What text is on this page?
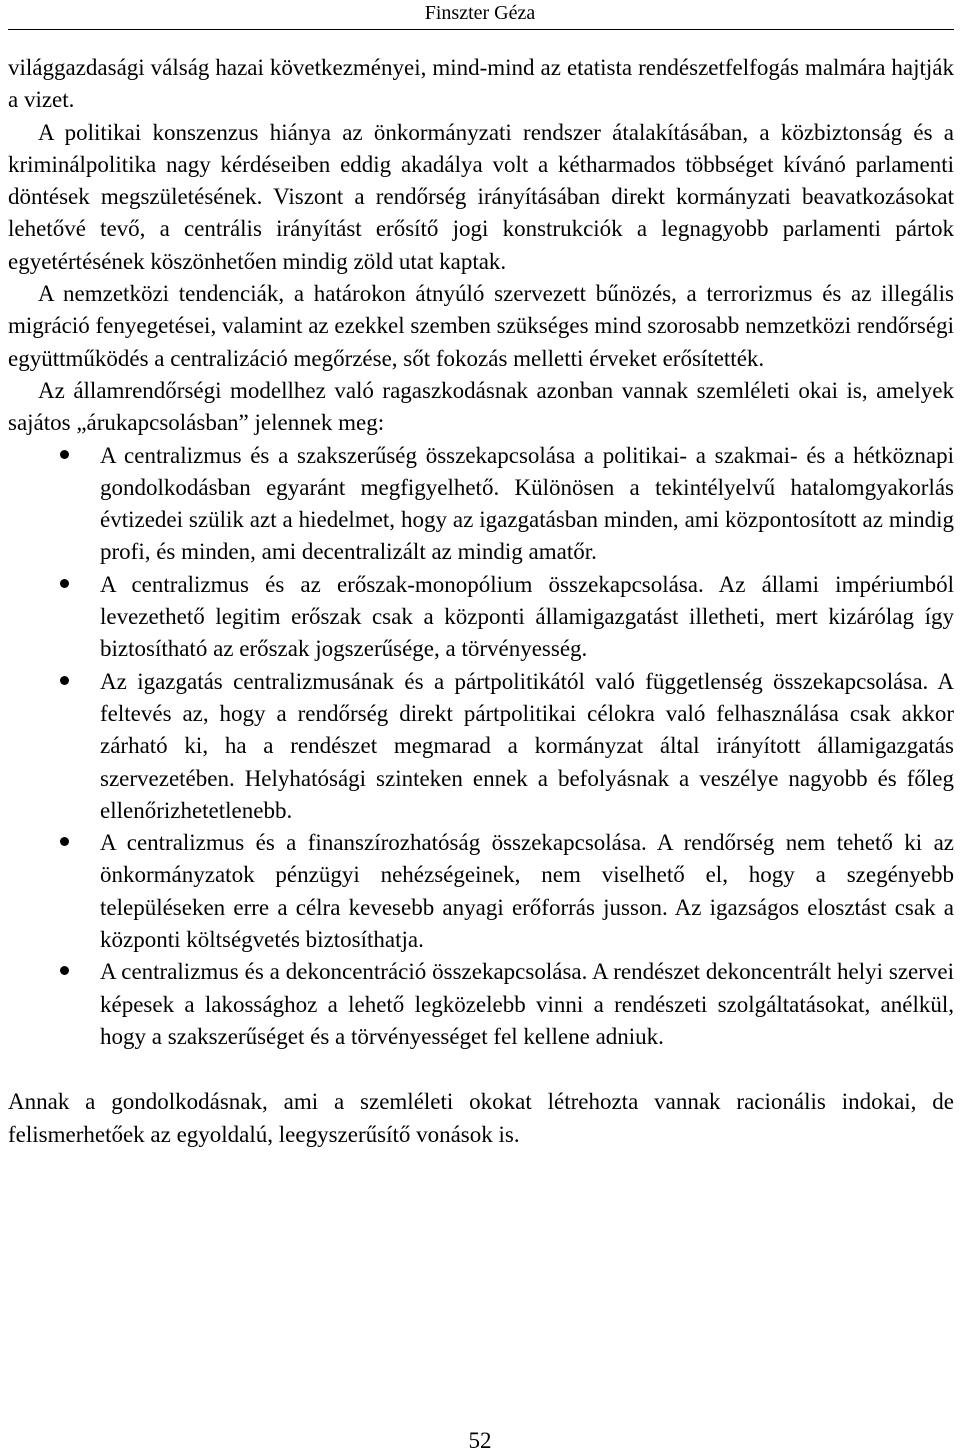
Finszter Géza

világgazdasági válság hazai következményei, mind-mind az etatista rendészetfelfogás malmára hajtják a vizet.

A politikai konszenzus hiánya az önkormányzati rendszer átalakításában, a közbiztonság és a kriminálpolitika nagy kérdéseiben eddig akadálya volt a kétharmados többséget kívánó parlamenti döntések megszületésének. Viszont a rendőrség irányításában direkt kormányzati beavatkozásokat lehetővé tevő, a centrális irányítást erősítő jogi konstrukciók a legnagyobb parlamenti pártok egyetértésének köszönhetően mindig zöld utat kaptak.

A nemzetközi tendenciák, a határokon átnyúló szervezett bűnözés, a terrorizmus és az illegális migráció fenyegetései, valamint az ezekkel szemben szükséges mind szorosabb nemzetközi rendőrségi együttműködés a centralizáció megőrzése, sőt fokozás melletti érveket erősítették.

Az államrendőrségi modellhez való ragaszkodásnak azonban vannak szemléleti okai is, amelyek sajátos „árukapcsolásban” jelennek meg:

A centralizmus és a szakszerűség összekapcsolása a politikai- a szakmai- és a hétköznapi gondolkodásban egyaránt megfigyelhető. Különösen a tekintélyelvű hatalomgyakorlás évtizedei szülik azt a hiedelmet, hogy az igazgatásban minden, ami központosított az mindig profi, és minden, ami decentralizált az mindig amatőr.
A centralizmus és az erőszak-monopólium összekapcsolása. Az állami impériumból levezethető legitim erőszak csak a központi államigazgatást illetheti, mert kizárólag így biztosítható az erőszak jogszerűsége, a törvényesség.
Az igazgatás centralizmusának és a pártpolitikától való függetlenség összekapcsolása. A feltevés az, hogy a rendőrség direkt pártpolitikai célokra való felhasználása csak akkor zárható ki, ha a rendészet megmarad a kormányzat által irányított államigazgatás szervezetében. Helyhatósági szinteken ennek a befolyásnak a veszélye nagyobb és főleg ellenőrizhetetlenebb.
A centralizmus és a finanszírozhatóság összekapcsolása. A rendőrség nem tehető ki az önkormányzatok pénzügyi nehézségeinek, nem viselhető el, hogy a szegényebb településeken erre a célra kevesebb anyagi erőforrás jusson. Az igazságos elosztást csak a központi költségvetés biztosíthatja.
A centralizmus és a dekoncentráció összekapcsolása. A rendészet dekoncentrált helyi szervei képesek a lakossághoz a lehető legközelebb vinni a rendészeti szolgáltatásokat, anélkül, hogy a szakszerűséget és a törvényességet fel kellene adniuk.

Annak a gondolkodásnak, ami a szemléleti okokat létrehozta vannak racionális indokai, de felismerhetőek az egyoldalú, leegyszerűsítő vonások is.

52
